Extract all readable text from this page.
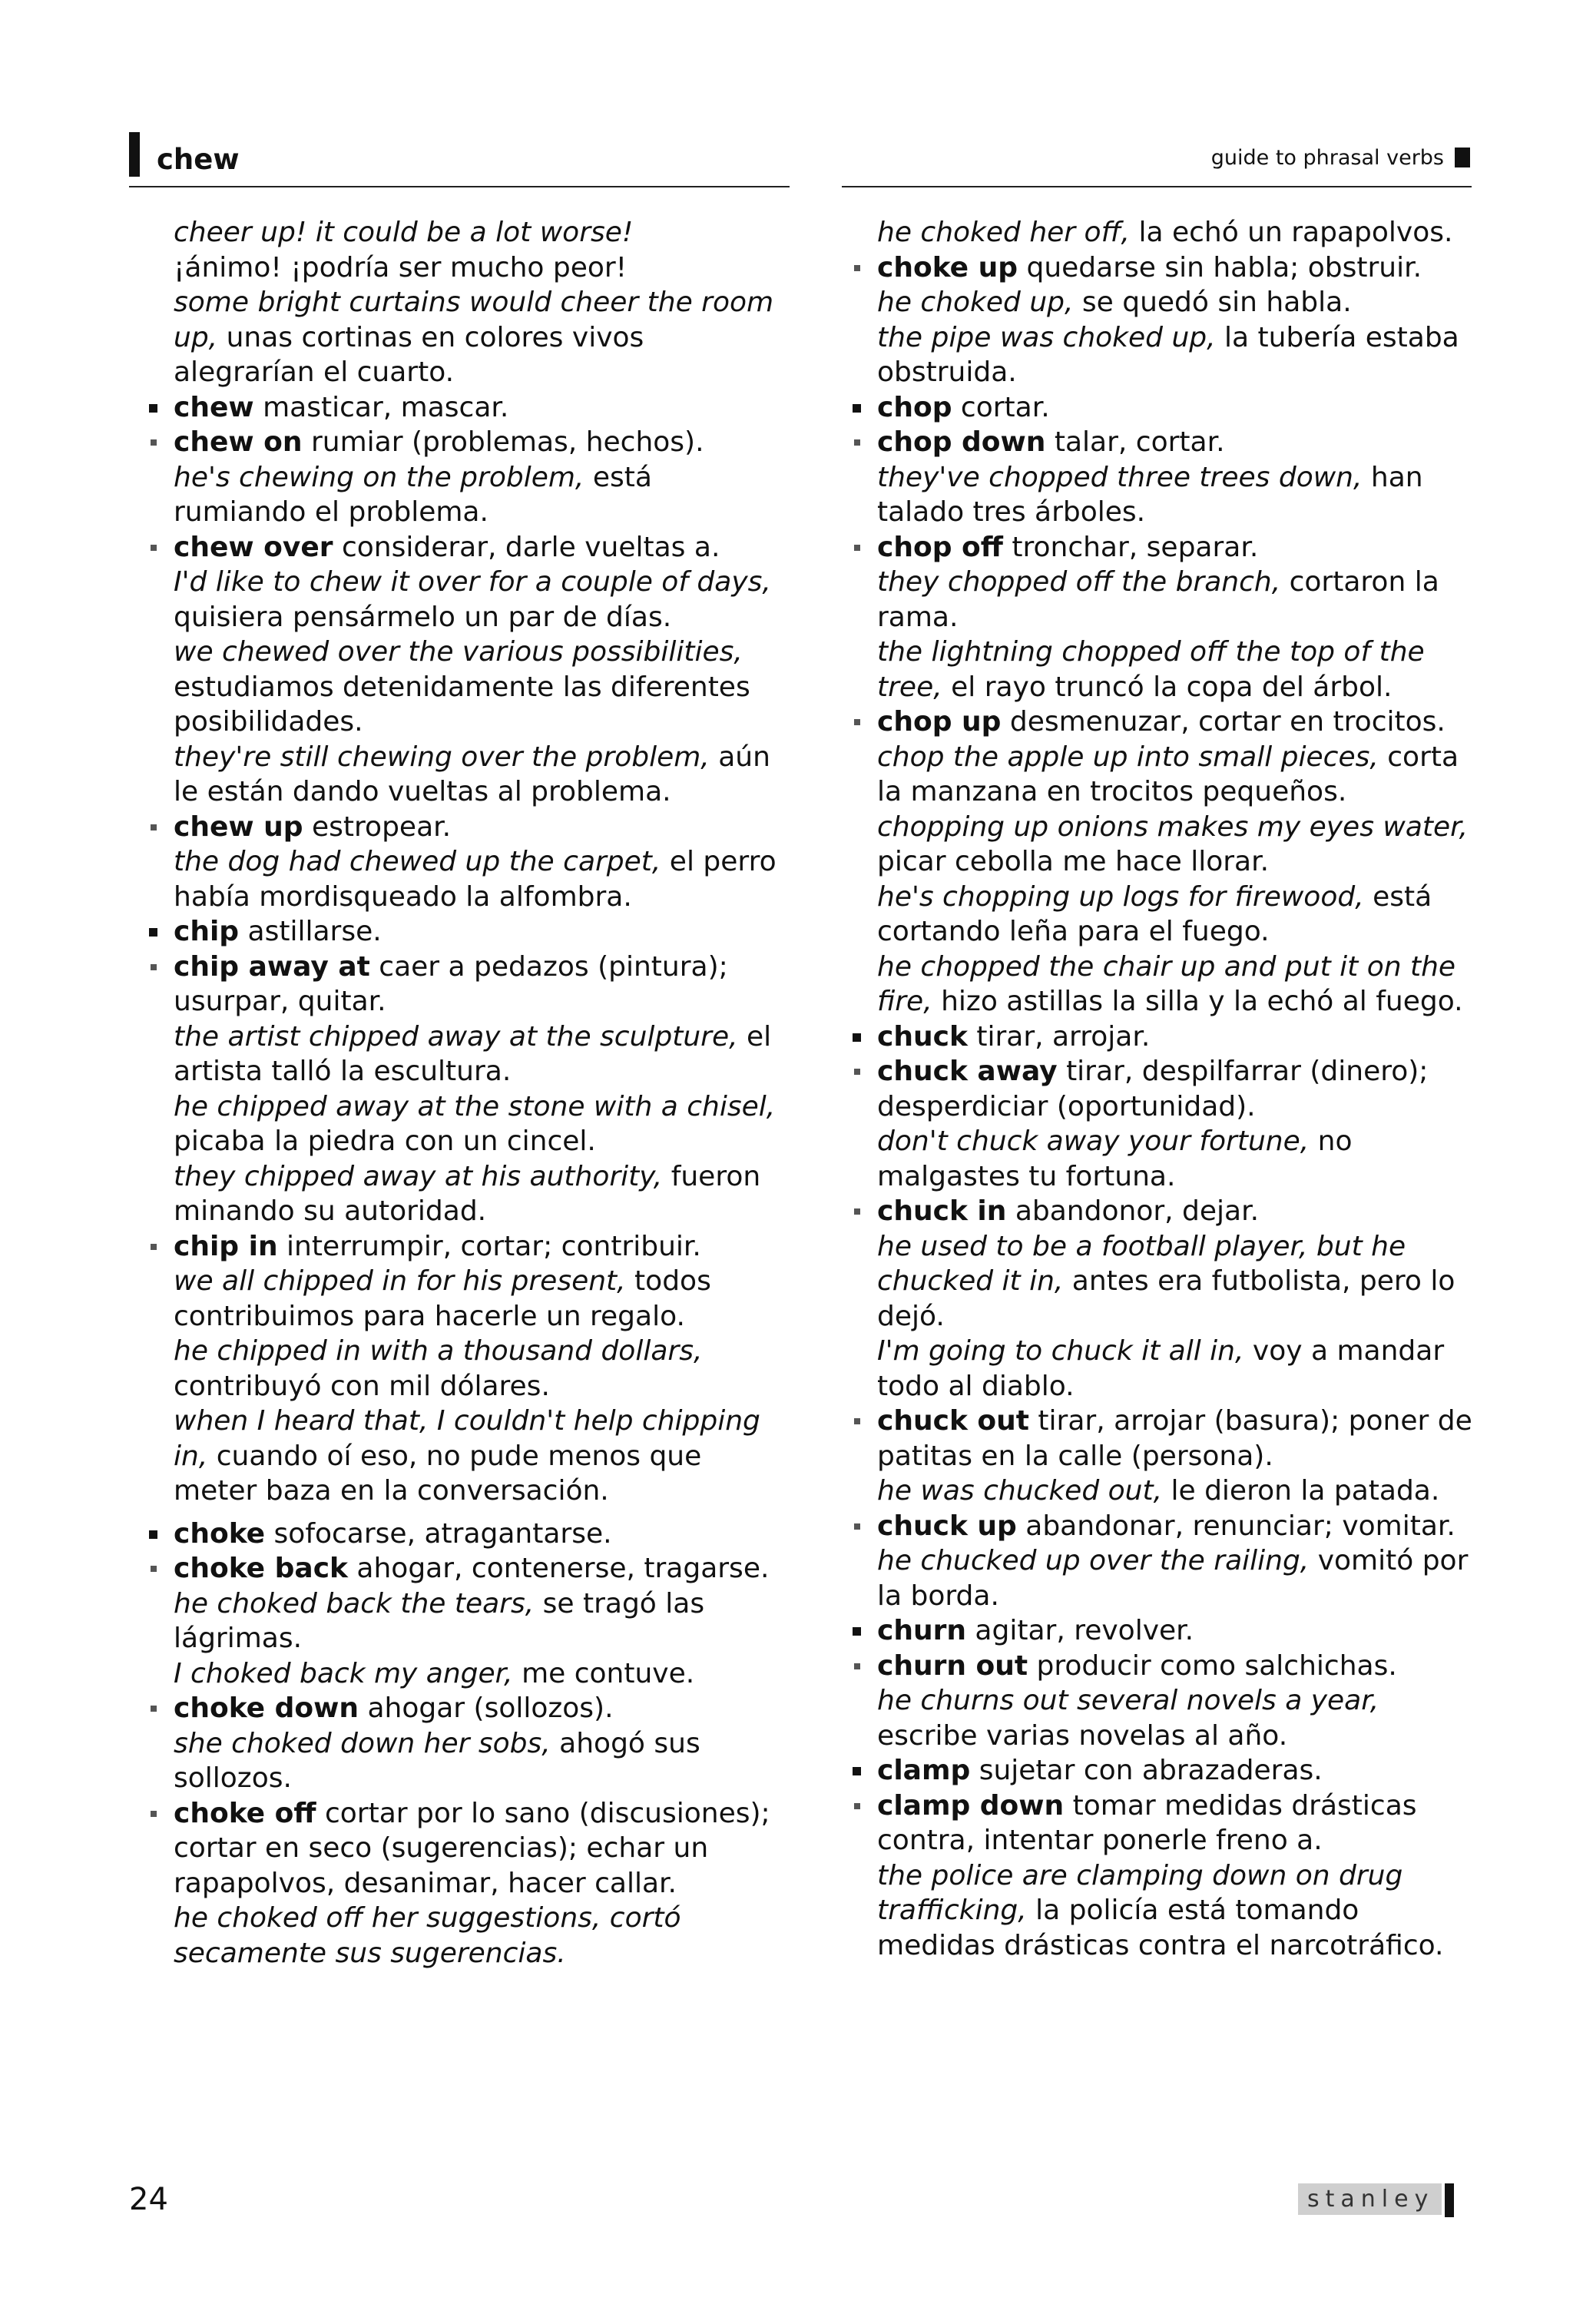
chew	guide to phrasal verbs
cheer up! it could be a lot worse!
¡ánimo! ¡podría ser mucho peor!
some bright curtains would cheer the room up, unas cortinas en colores vivos alegrarían el cuarto.
chew masticar, mascar.
chew on rumiar (problemas, hechos).
he's chewing on the problem, está rumiando el problema.
chew over considerar, darle vueltas a.
I'd like to chew it over for a couple of days, quisiera pensármelo un par de días.
we chewed over the various possibilities, estudiamos detenidamente las diferentes posibilidades.
they're still chewing over the problem, aún le están dando vueltas al problema.
chew up estropear.
the dog had chewed up the carpet, el perro había mordisqueado la alfombra.
chip astillarse.
chip away at caer a pedazos (pintura); usurpar, quitar.
the artist chipped away at the sculpture, el artista talló la escultura.
he chipped away at the stone with a chisel, picaba la piedra con un cincel.
they chipped away at his authority, fueron minando su autoridad.
chip in interrumpir, cortar; contribuir.
we all chipped in for his present, todos contribuimos para hacerle un regalo.
he chipped in with a thousand dollars, contribuyó con mil dólares.
when I heard that, I couldn't help chipping in, cuando oí eso, no pude menos que meter baza en la conversación.
choke sofocarse, atragantarse.
choke back ahogar, contenerse, tragarse.
he choked back the tears, se tragó las lágrimas.
I choked back my anger, me contuve.
choke down ahogar (sollozos).
she choked down her sobs, ahogó sus sollozos.
choke off cortar por lo sano (discusiones); cortar en seco (sugerencias); echar un rapapolvos, desanimar, hacer callar.
he choked off her suggestions, cortó secamente sus sugerencias.
he choked her off, la echó un rapapolvos.
choke up quedarse sin habla; obstruir.
he choked up, se quedó sin habla.
the pipe was choked up, la tubería estaba obstruida.
chop cortar.
chop down talar, cortar.
they've chopped three trees down, han talado tres árboles.
chop off tronchar, separar.
they chopped off the branch, cortaron la rama.
the lightning chopped off the top of the tree, el rayo truncó la copa del árbol.
chop up desmenuzar, cortar en trocitos.
chop the apple up into small pieces, corta la manzana en trocitos pequeños.
chopping up onions makes my eyes water, picar cebolla me hace llorar.
he's chopping up logs for firewood, está cortando leña para el fuego.
he chopped the chair up and put it on the fire, hizo astillas la silla y la echó al fuego.
chuck tirar, arrojar.
chuck away tirar, despilfarrar (dinero); desperdiciar (oportunidad).
don't chuck away your fortune, no malgastes tu fortuna.
chuck in abandonor, dejar.
he used to be a football player, but he chucked it in, antes era futbolista, pero lo dejó.
I'm going to chuck it all in, voy a mandar todo al diablo.
chuck out tirar, arrojar (basura); poner de patitas en la calle (persona).
he was chucked out, le dieron la patada.
chuck up abandonar, renunciar; vomitar.
he chucked up over the railing, vomitó por la borda.
churn agitar, revolver.
churn out producir como salchichas.
he churns out several novels a year, escribe varias novelas al año.
clamp sujetar con abrazaderas.
clamp down tomar medidas drásticas contra, intentar ponerle freno a.
the police are clamping down on drug trafficking, la policía está tomando medidas drásticas contra el narcotráfico.
24	stanley
